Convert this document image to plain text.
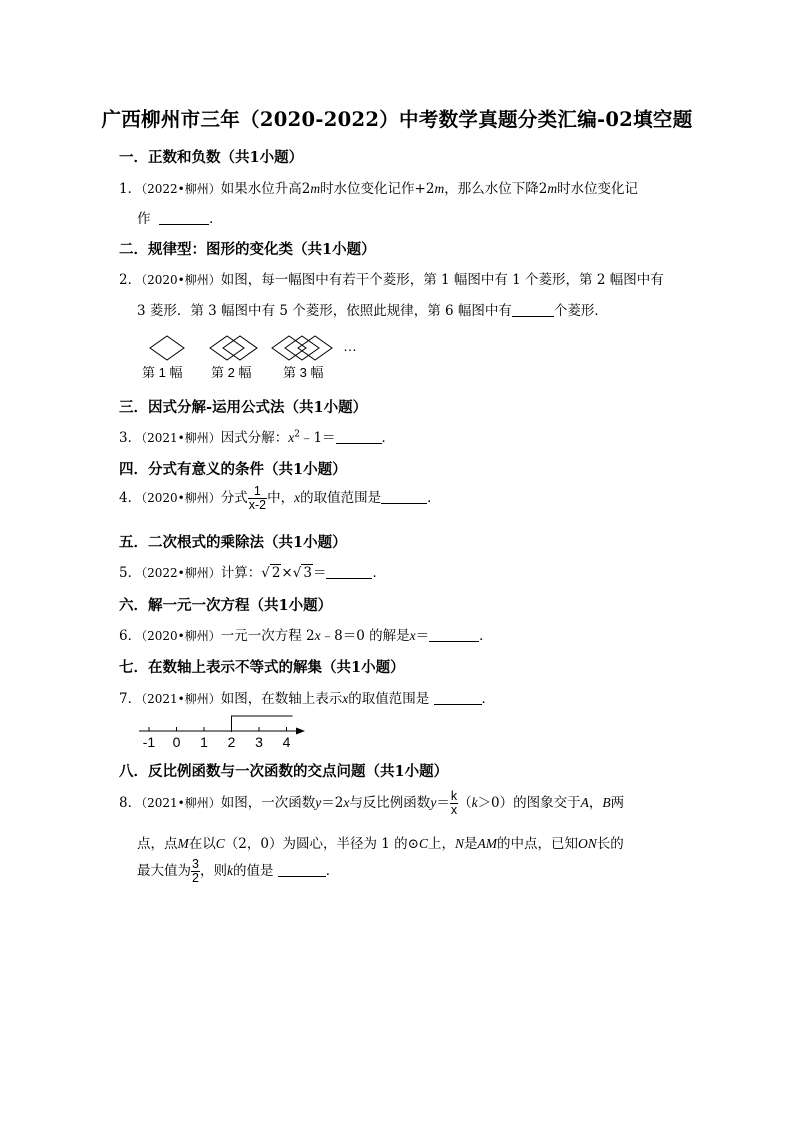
广西柳州市三年（2020-2022）中考数学真题分类汇编-02填空题
一．正数和负数（共1小题）
1．（2022•柳州）如果水位升高2m时水位变化记作+2m，那么水位下降2m时水位变化记
作	．
二．规律型：图形的变化类（共1小题）
2．（2020•柳州）如图，每一幅图中有若干个菱形，第 1 幅图中有 1 个菱形，第 2 幅图中有
3 菱形．第 3 幅图中有 5 个菱形，依照此规律，第 6 幅图中有	个菱形．
…
第 1 幅 第 2 幅 第 3 幅
三．因式分解-运用公式法（共1小题）
3．（2021•柳州）因式分解：$x^2﹣1=$	．
四．分式有意义的条件（共1小题）
4．（2020•柳州）分式 $\frac{1}{x-2}$ 中，x的取值范围是	．
五．二次根式的乘除法（共1小题）
5．（2022•柳州）计算：√ 2×√ 3＝	．
六．解一元一次方程（共1小题）
6．（2020•柳州）一元一次方程 2x﹣8＝0 的解是x＝	．
七．在数轴上表示不等式的解集（共1小题）
7．（2021•柳州）如图，在数轴上表示x的取值范围是	．
-1 0 1 2 3 4
八．反比例函数与一次函数的交点问题（共1小题）
8．（2021•柳州）如图，一次函数y＝2x与反比例函数$y= \frac{k}{x} (k>0)$的图象交于A，B两
点，点M在以C（2，0）为圆心，半径为 1 的⊙C上，N是AM的中点，已知ON长的
最大值为 $\frac{3}{2}$ ，则k的值是	．
